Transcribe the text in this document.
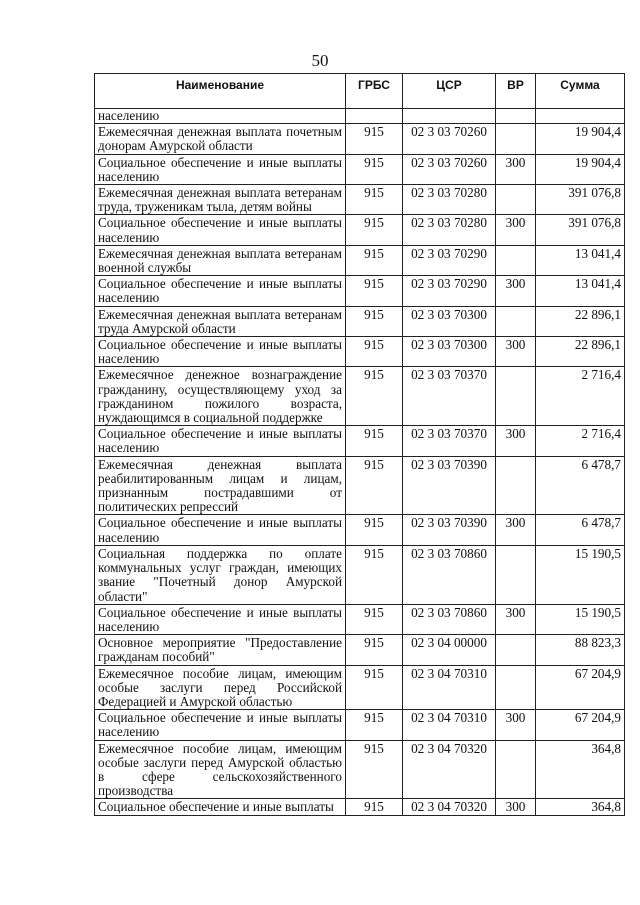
50
Наименование	ГРБС	ЦСР	ВР	Сумма
населению				
Ежемесячная денежная выплата почетным донорам Амурской области	915	02 3 03 70260		19 904,4
Социальное обеспечение и иные выплаты населению	915	02 3 03 70260	300	19 904,4
Ежемесячная денежная выплата ветеранам труда, труженикам тыла, детям войны	915	02 3 03 70280		391 076,8
Социальное обеспечение и иные выплаты населению	915	02 3 03 70280	300	391 076,8
Ежемесячная денежная выплата ветеранам военной службы	915	02 3 03 70290		13 041,4
Социальное обеспечение и иные выплаты населению	915	02 3 03 70290	300	13 041,4
Ежемесячная денежная выплата ветеранам труда Амурской области	915	02 3 03 70300		22 896,1
Социальное обеспечение и иные выплаты населению	915	02 3 03 70300	300	22 896,1
Ежемесячное денежное вознаграждение гражданину, осуществляющему уход за гражданином пожилого возраста, нуждающимся в социальной поддержке	915	02 3 03 70370		2 716,4
Социальное обеспечение и иные выплаты населению	915	02 3 03 70370	300	2 716,4
Ежемесячная денежная выплата реабилитированным лицам и лицам, признанным пострадавшими от политических репрессий	915	02 3 03 70390		6 478,7
Социальное обеспечение и иные выплаты населению	915	02 3 03 70390	300	6 478,7
Социальная поддержка по оплате коммунальных услуг граждан, имеющих звание "Почетный донор Амурской области"	915	02 3 03 70860		15 190,5
Социальное обеспечение и иные выплаты населению	915	02 3 03 70860	300	15 190,5
Основное мероприятие "Предоставление гражданам пособий"	915	02 3 04 00000		88 823,3
Ежемесячное пособие лицам, имеющим особые заслуги перед Российской Федерацией и Амурской областью	915	02 3 04 70310		67 204,9
Социальное обеспечение и иные выплаты населению	915	02 3 04 70310	300	67 204,9
Ежемесячное пособие лицам, имеющим особые заслуги перед Амурской областью в сфере сельскохозяйственного производства	915	02 3 04 70320		364,8
Социальное обеспечение и иные выплаты	915	02 3 04 70320	300	364,8
